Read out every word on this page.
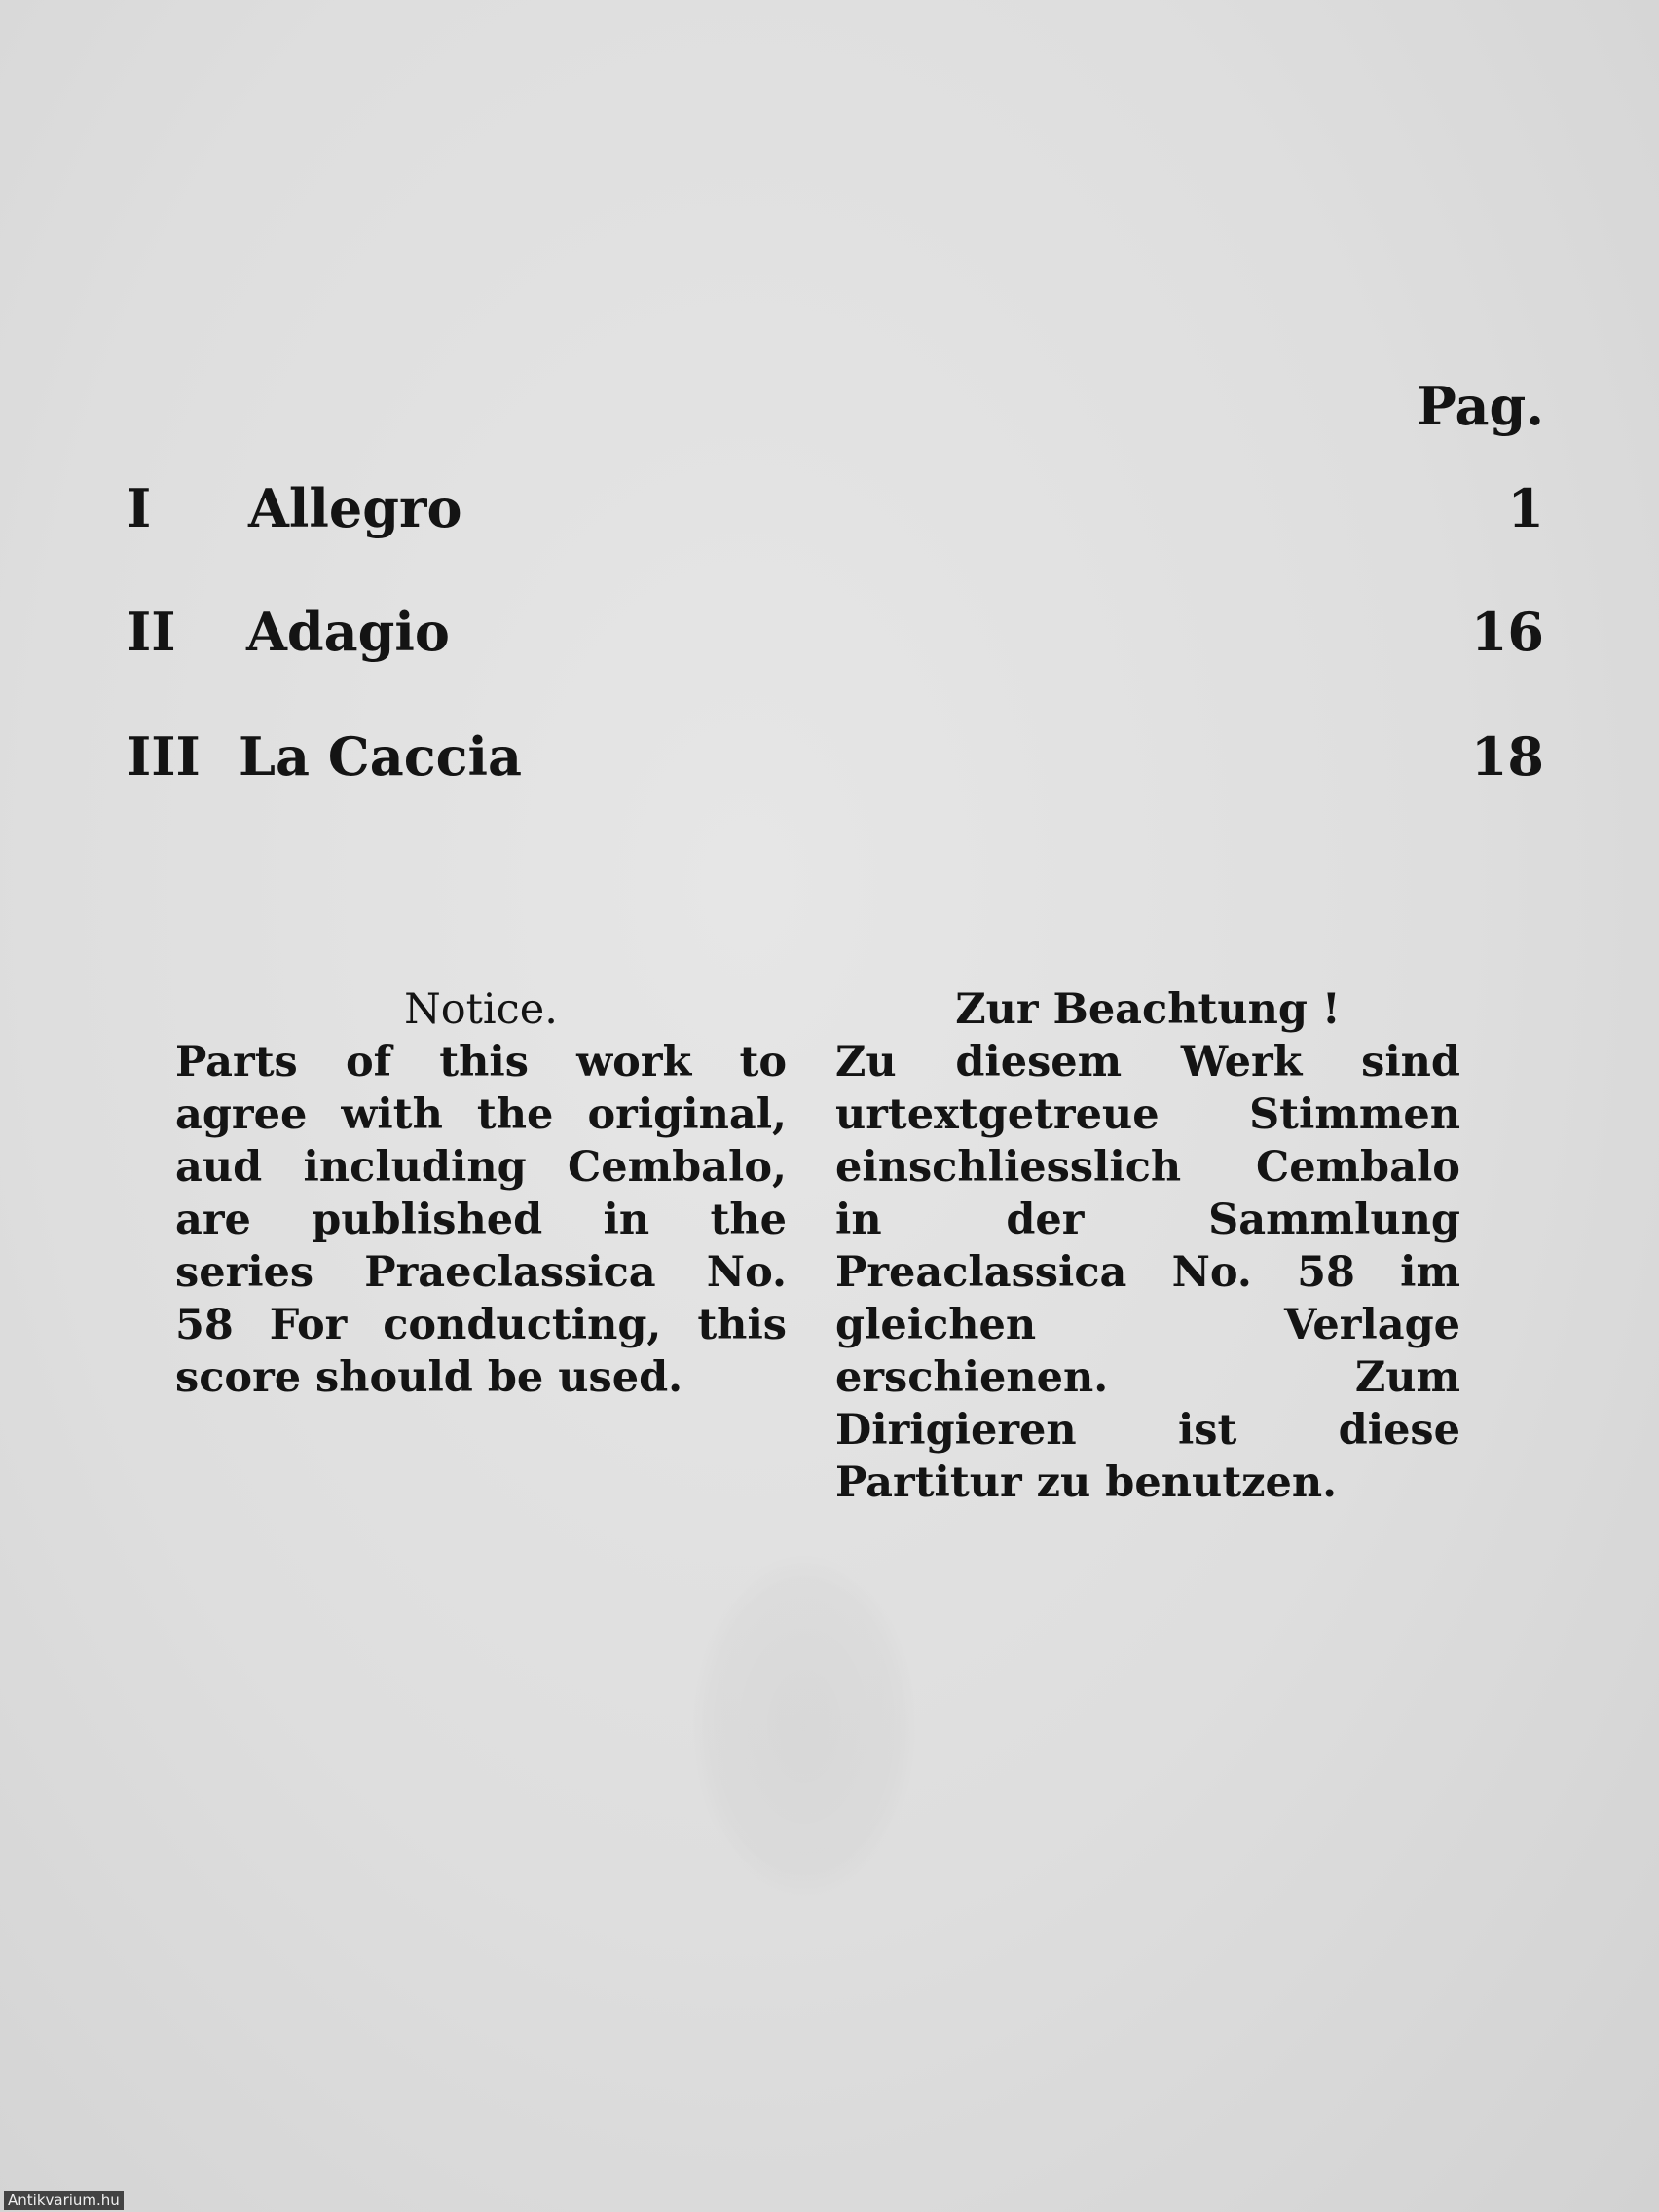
Pag.
I	Allegro	1
II	Adagio	16
III La Caccia	18
Notice.
Parts of this work to agree with the original, aud including Cembalo, are published in the series Praeclassica No. 58 For conducting, this score should be used.
Zur Beachtung !
Zu diesem Werk sind urtextgetreue Stimmen einschliesslich Cembalo in der Sammlung Preaclassica No. 58 im gleichen Verlage erschienen. Zum Dirigieren ist diese Partitur zu benutzen.
Antikvarium.hu
